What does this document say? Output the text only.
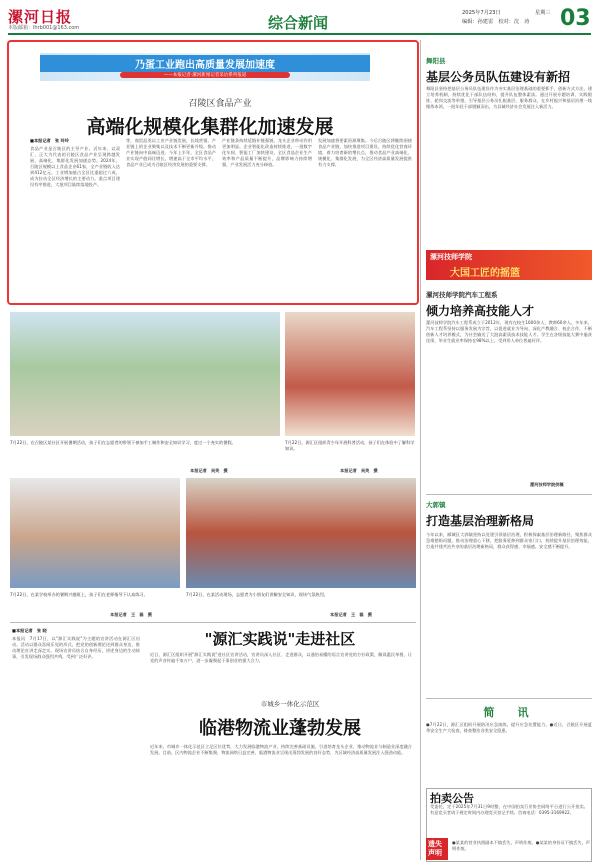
漯河日报
本版邮箱：lhrb001@163.com	综合新闻
2025年7月23日	星期三
编辑：孙建雷　校对：沈　涛 03
乃蛋工业跑出高质量发展加速度
——本报记者·漯河新闻记者采访系列报道
召陵区食品产业
高端化规模化集群化加速发展
■本报记者　张 玲玲
食品产业是召陵区的主导产业。近年来，以双汇、正大为代表的召陵区食品产业呈现跨越发展、高端化、集群化发展加速态势。2024年，召陵区规模以上食品企业61家，全产业链收入达到412亿元。工业增加值占全区比重超过六成，成为拉动全区经济增长的主要动力。重点项目建设有序推进，大批项目陆续落地投产。
等，商贸品类以工业产业链发展，长线营销。产业链上的企业聚集以及技术不断更新升级，推动产业链向中高端迈进。今年上半年，全区食品产业实现产值同比增长，增速高于全市平均水平，食品产业已成为召陵区经济发展的重要支撑。
产业链条持续延链补链强链，龙头企业带动作用更加明显。企业智能化改造持续推进，一批数字化车间、智能工厂加快建设，全区食品企业生产效率和产品质量不断提升，品牌影响力持续增强，产业发展活力充分释放。
发展加速将要素资源聚集。今后召陵区将继续围绕食品产业链，加快推进项目建设，持续优化营商环境，着力培育新的增长点，推动食品产业高端化、规模化、集群化发展，为全区经济高质量发展提供有力支撑。
舞阳县
基层公务员队伍建设有新招
舞阳县坚持把基层公务员队伍建设作为夯实基层治理基础的重要抓手，创新方式方法，建立培养机制，持续优化干部队伍结构，提升队伍整体素质。通过开展专题培训、实践锻炼、轮岗交流等举措，引导基层公务员扎根基层、服务群众，在乡村振兴和基层治理一线锤炼本领，一批年轻干部脱颖而出，为县域经济社会发展注入新活力。
7月22日，在召陵区某社区开展暑期活动，孩子们在志愿者的带领下参加手工制作和安全知识学习，度过一个充实的暑假。
本报记者　吴英　摄
7月22日，源汇区组织青少年开展科普活动，孩子们在体验中了解科学知识。
本报记者　吴英　摄
7月22日，在某学校举办的暑期兴趣班上，孩子们在老师指导下认真练习。
本报记者　王　磊　摄
7月22日，在某活动现场，志愿者为小朋友们讲解安全知识，现场气氛热烈。
本报记者　王　磊　摄
漯河技师学院
大国工匠的摇篮
漯河技师学院汽车工程系
倾力培养高技能人才
漯河技师学院汽车工程系成立于2012年，现有在校生1600余人，教师60余人。多年来，汽车工程系坚持以服务发展为宗旨，以促进就业为导向，深化产教融合、校企合作，不断创新人才培养模式，为社会输送了大批高素质技术技能人才。学生在各级技能大赛中屡获佳绩，毕业生就业率保持在98%以上，受到用人单位普遍好评。
漯河技师学院供稿
大郭镇
打造基层治理新格局
今年以来，郾城区大郭镇坚持以党建引领基层治理，积极探索基层治理新路径，聚焦群众急难愁盼问题，推动治理重心下移，把服务延伸到群众家门口，持续提升基层治理效能，打造共建共治共享的基层治理新格局，群众获得感、幸福感、安全感不断提升。
■本报记者　张 晓
本报讯　7月17日，以"源汇实践说"为主题的宣讲活动在源汇区启动。活动以群众喜闻乐见的形式，把党的创新理论送到群众身边，推动理论宣讲走深走实。现场宣讲员结合自身经历，讲述身边的生动故事，引发现场群众强烈共鸣，受到广泛好评。
"源汇实践说"走进社区
近日，源汇区组织开展"源汇实践说"进社区宣讲活动，宣讲员深入社区、走进群众，以通俗易懂的语言宣讲党的方针政策，解读惠民举措，让党的声音传遍千家万户，进一步凝聚起干事创业的强大合力。
市城乡一体化示范区
临港物流业蓬勃发展
近年来，市城乡一体化示范区立足区位优势，大力发展临港物流产业，持续完善基础设施，引进培育龙头企业，推动物流业与制造业深度融合发展。目前，区内物流企业不断集聚，物流网络日益完善，临港物流业呈现出蓬勃发展的良好态势，为区域经济高质量发展注入强劲动能。
简　讯
●7月22日，源汇区组织开展防汛应急演练，提升应急处置能力。●近日，召陵区开展夏季安全生产大检查，排查整治各类安全隐患。
拍卖公告
受委托，定于2025年7月31日9时整，在中国拍卖行业协会网络平台进行公开拍卖。有意竞买者请于规定时间内办理竞买登记手续。咨询电话：0395-3169922。
遗失声明
●某某的营业执照副本不慎丢失，声明作废。●某某的身份证不慎丢失，声明作废。
